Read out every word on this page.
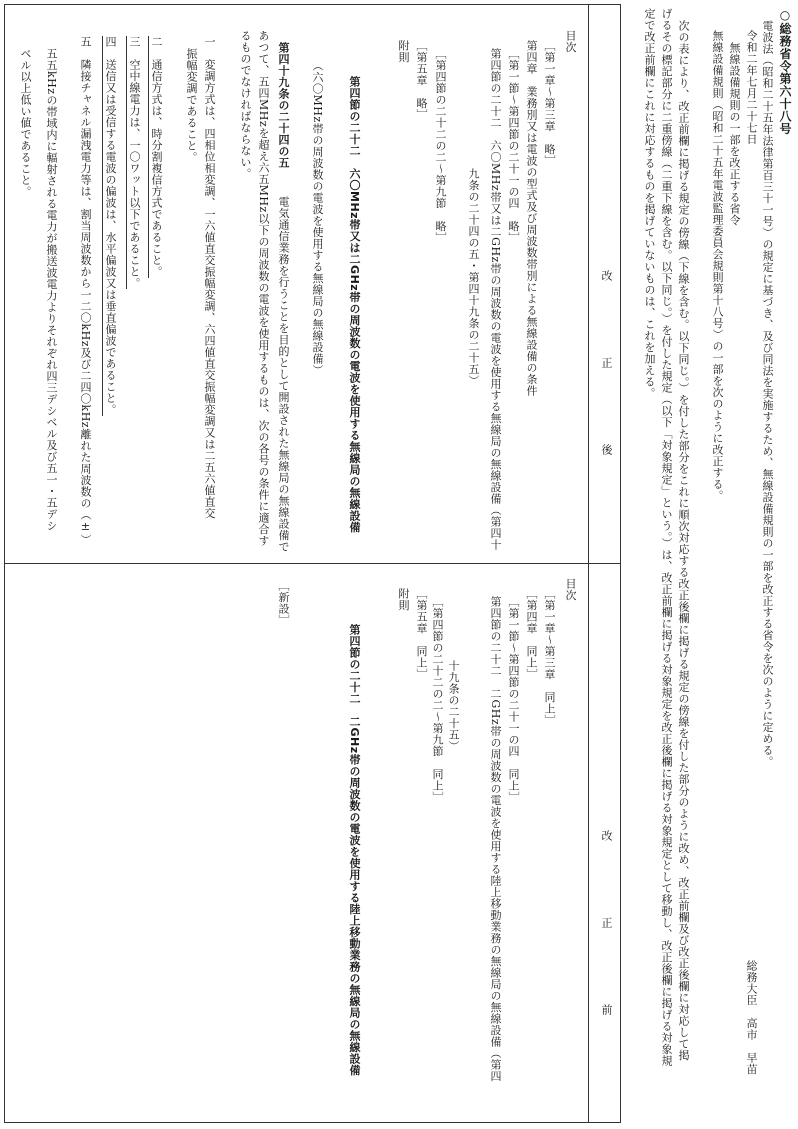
○総務省令第六十八号
電波法（昭和二十五年法律第百三十一号）の規定に基づき、及び同法を実施するため、無線設備規則の一部を改正する省令を次のように定める。
令和二年七月二十七日
総務大臣　高市　早苗
無線設備規則の一部を改正する省令
無線設備規則（昭和二十五年電波監理委員会規則第十八号）の一部を次のように改正する。
次の表により、改正前欄に掲げる規定の傍線（下線を含む。以下同じ。）を付した部分をこれに順次対応する改正後欄に掲げる規定の傍線を付した部分のように改め、改正前欄及び改正後欄に対応して掲
げるその標記部分に二重傍線（二重下線を含む。以下同じ。）を付した規定（以下「対象規定」という。）は、改正前欄に掲げる対象規定を改正後欄に掲げる対象規定として移動し、改正後欄に掲げる対象規
定で改正前欄にこれに対応するものを掲げていないものは、これを加える。
改　　正　　後
改　　正　　前
目次
［第一章～第三章　略］
第四章　業務別又は電波の型式及び周波数帯別による無線設備の条件
［第一節～第四節の二十一の四　略］
第四節の二十二　六〇MHz帯又は二GHz帯の周波数の電波を使用する無線局の無線設備（第四十
九条の二十四の五・第四十九条の二十五）
［第四節の二十二の二～第九節　略］
［第五章　略］
附則
第四節の二十二　六〇MHz帯又は二GHz帯の周波数の電波を使用する無線局の無線設備
（六〇MHz帯の周波数の電波を使用する無線局の無線設備）
第四十九条の二十四の五
電気通信業務を行うことを目的として開設された無線局の無線設備で
あつて、五四MHzを超え六五MHz以下の周波数の電波を使用するものは、次の各号の条件に適合す
るものでなければならない。
一　変調方式は、四相位相変調、一六値直交振幅変調、六四値直交振幅変調又は二五六値直交
振幅変調であること。
二　通信方式は、時分割複信方式であること。
三　空中線電力は、一〇ワット以下であること。
四　送信又は受信する電波の偏波は、水平偏波又は垂直偏波であること。
五　隣接チャネル漏洩電力等は、割当周波数から一二〇kHz及び二四〇kHz離れた周波数の（±）
五五kHzの帯域内に輻射される電力が搬送波電力よりそれぞれ四三デシベル及び五一・五デシ
ベル以上低い値であること。
目次
［第一章～第三章　同上］
［第四章　同上］
［第一節～第四節の二十一の四　同上］
第四節の二十二　二GHz帯の周波数の電波を使用する陸上移動業務の無線局の無線設備（第四
十九条の二十五）
［第四節の二十二の二～第九節　同上］
［第五章　同上］
附則
第四節の二十二　二GHz帯の周波数の電波を使用する陸上移動業務の無線局の無線設備
［新設］
